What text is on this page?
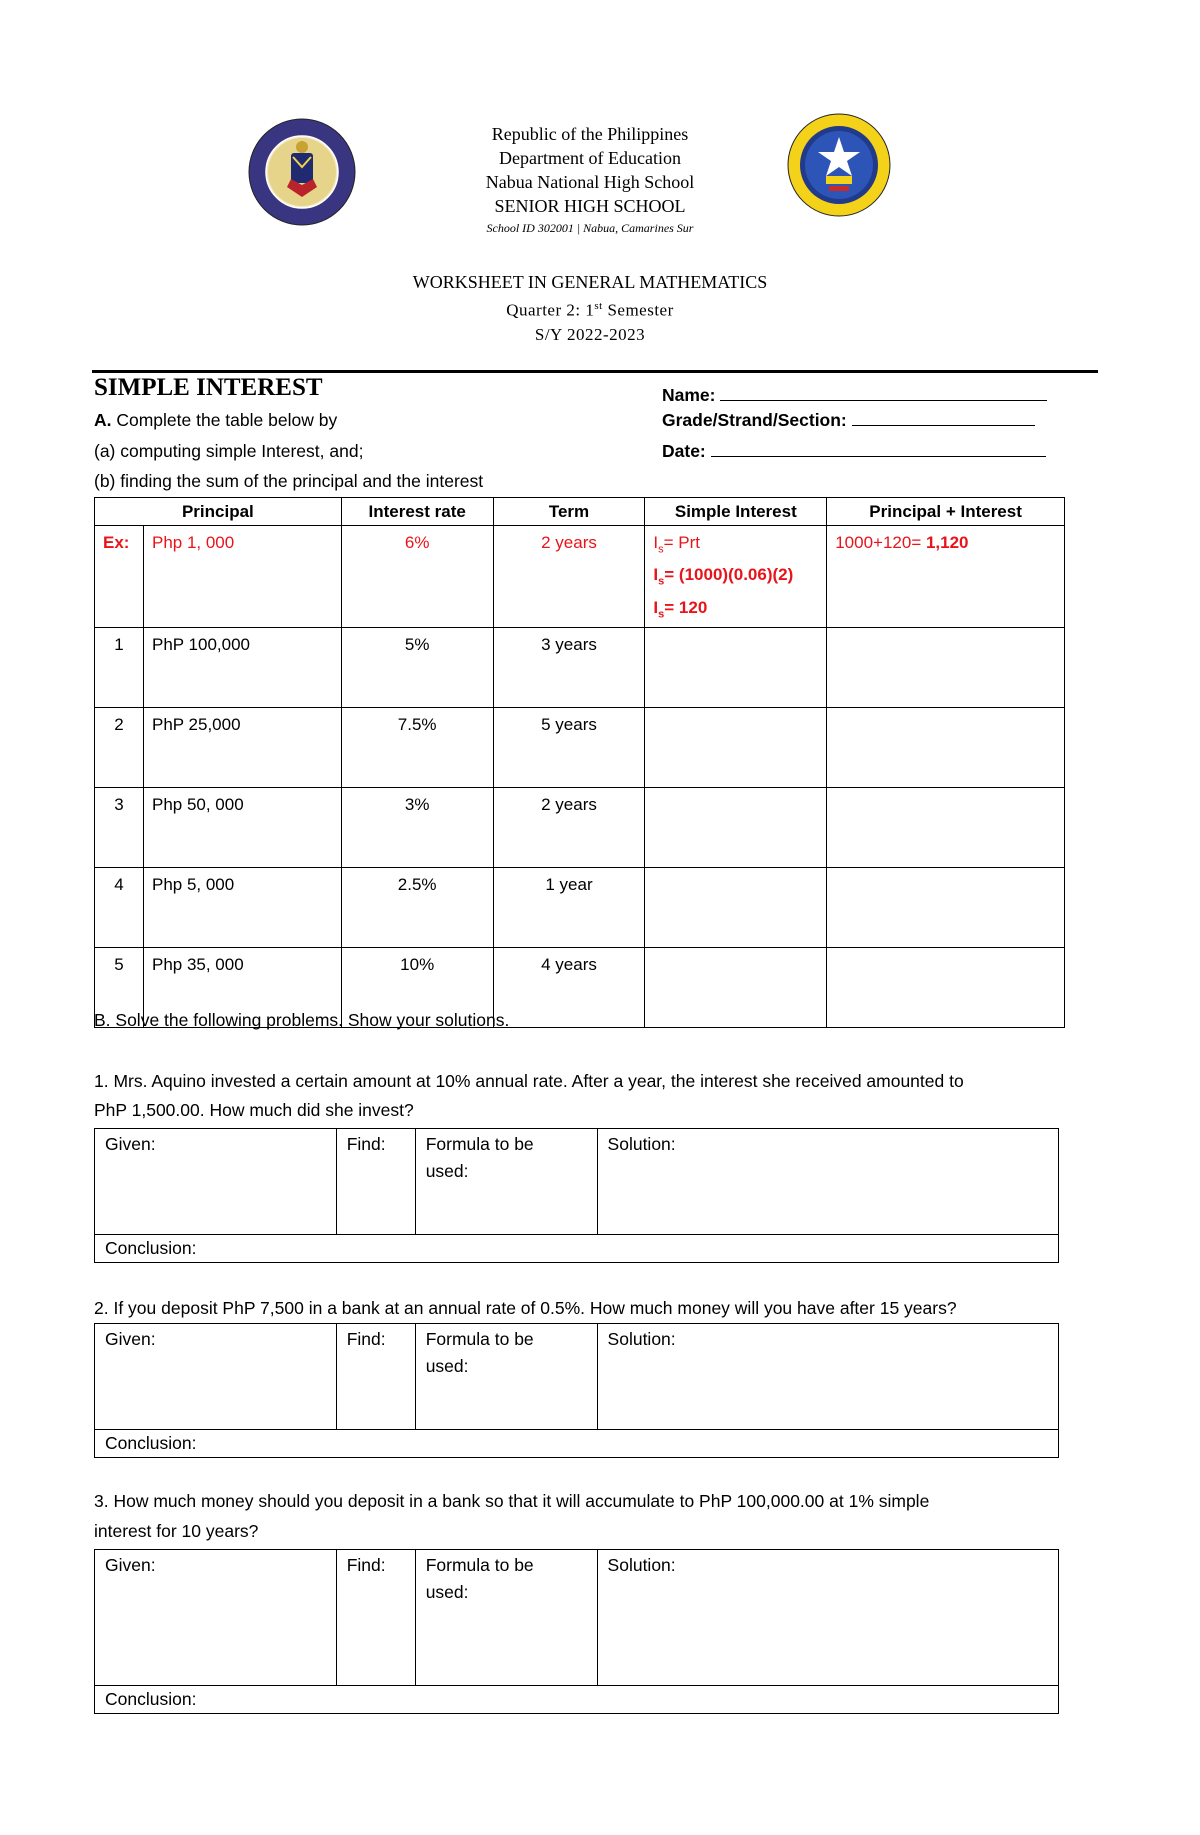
Republic of the Philippines
Department of Education
Nabua National High School
SENIOR HIGH SCHOOL
School ID 302001 | Nabua, Camarines Sur
WORKSHEET IN GENERAL MATHEMATICS
Quarter 2: 1st Semester
S/Y 2022-2023
SIMPLE INTEREST	Name:
Grade/Strand/Section:
Date:
A. Complete the table below by
(a) computing simple Interest, and;
(b) finding the sum of the principal and the interest
Principal		Interest rate	Term	Simple Interest	Principal + Interest
Ex:	Php 1, 000	6%	2 years	$I_s=$ Prt
$I_s= (1000)(0.06)(2)$
$I_s= 120$	1000+120= 1,120
1	PhP 100,000	5%	3 years		
2	PhP 25,000	7.5%	5 years		
3	Php 50, 000	3%	2 years		
4	Php 5, 000	2.5%	1 year		
5	Php 35, 000	10%	4 years		
B. Solve the following problems. Show your solutions.
1. Mrs. Aquino invested a certain amount at 10% annual rate. After a year, the interest she received amounted to
PhP 1,500.00. How much did she invest?
Given:	Find:	Formula to be
used:
	Solution:
Conclusion:
2. If you deposit PhP 7,500 in a bank at an annual rate of 0.5%. How much money will you have after 15 years?
Given:	Find:	Formula to be
used:
	Solution:
Conclusion:
3. How much money should you deposit in a bank so that it will accumulate to PhP 100,000.00 at 1% simple
interest for 10 years?
Given:	Find:	Formula to be
used:
	Solution:
Conclusion:
